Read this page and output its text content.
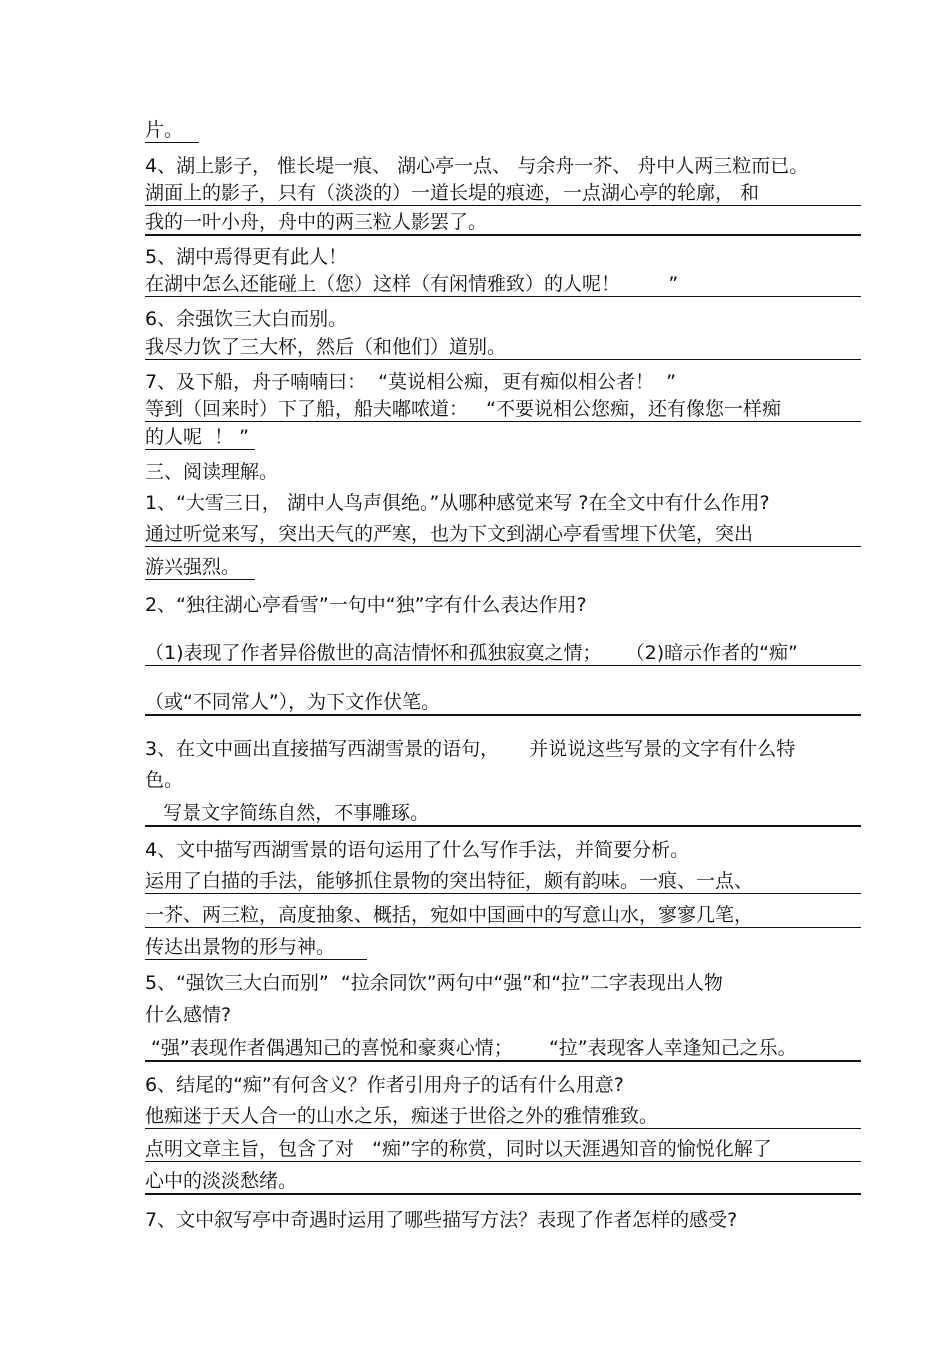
片。
4、湖上影子， 惟长堤一痕、 湖心亭一点、 与余舟一芥、 舟中人两三粒而已。
湖面上的影子，只有（淡淡的）一道长堤的痕迹，一点湖心亭的轮廓， 和
我的一叶小舟，舟中的两三粒人影罢了。
5、湖中焉得更有此人！
在湖中怎么还能碰上（您）这样（有闲情雅致）的人呢！        ”
6、余强饮三大白而别。
我尽力饮了三大杯，然后（和他们）道别。
7、及下船，舟子喃喃曰：  “莫说相公痴，更有痴似相公者！  ”
等到（回来时）下了船，船夫嘟哝道：   “不要说相公您痴，还有像您一样痴
的人呢  ！ ”
三、阅读理解。
1、“大雪三日， 湖中人鸟声俱绝。”从哪种感觉来写 ?在全文中有什么作用?
通过听觉来写，突出天气的严寒，也为下文到湖心亭看雪埋下伏笔，突出
游兴强烈。
2、“独往湖心亭看雪”一句中“独”字有什么表达作用?
（1)表现了作者异俗傲世的高洁情怀和孤独寂寞之情；    （2)暗示作者的“痴”
（或“不同常人”），为下文作伏笔。
3、在文中画出直接描写西湖雪景的语句，     并说说这些写景的文字有什么特
色。
写景文字简练自然，不事雕琢。
4、文中描写西湖雪景的语句运用了什么写作手法，并简要分析。
运用了白描的手法，能够抓住景物的突出特征，颇有韵味。一痕、一点、
一芥、两三粒，高度抽象、概括，宛如中国画中的写意山水，寥寥几笔，
传达出景物的形与神。
5、“强饮三大白而别”  “拉余同饮”两句中“强”和“拉”二字表现出人物
什么感情?
“强”表现作者偶遇知己的喜悦和豪爽心情；      “拉”表现客人幸逢知己之乐。
6、结尾的“痴”有何含义？作者引用舟子的话有什么用意?
他痴迷于天人合一的山水之乐，痴迷于世俗之外的雅情雅致。
点明文章主旨，包含了对   “痴”字的称赏，同时以天涯遇知音的愉悦化解了
心中的淡淡愁绪。
7、文中叙写亭中奇遇时运用了哪些描写方法？表现了作者怎样的感受?
